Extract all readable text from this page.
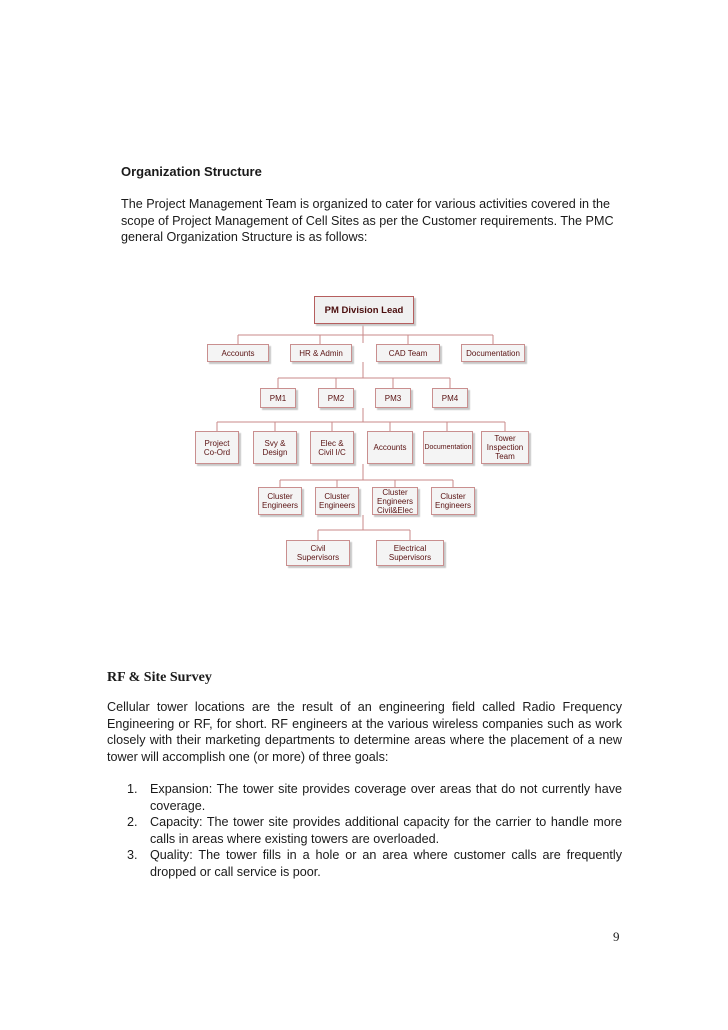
Organization Structure

The Project Management Team is organized to cater for various activities covered in the scope of Project Management of Cell Sites as per the Customer requirements. The PMC general Organization Structure is as follows:

PM Division Lead
Accounts	HR & Admin	CAD Team	Documentation
PM1	PM2	PM3	PM4
Project
Co-Ord
Svy &
Design
Elec &
Civil I/C	Accounts	Documentation
Tower
Inspection
Team
Cluster
Engineers
Cluster
Engineers
Cluster
Engineers
Civil&Elec
Cluster
Engineers
Civil
Supervisors
Electrical
Supervisors
RF & Site Survey

Cellular tower locations are the result of an engineering field called Radio Frequency Engineering or RF, for short. RF engineers at the various wireless companies such as work closely with their marketing departments to determine areas where the placement of a new tower will accomplish one (or more) of three goals:

1. Expansion: The tower site provides coverage over areas that do not currently have coverage.
2. Capacity: The tower site provides additional capacity for the carrier to handle more calls in areas where existing towers are overloaded.
3. Quality: The tower fills in a hole or an area where customer calls are frequently dropped or call service is poor.
9
